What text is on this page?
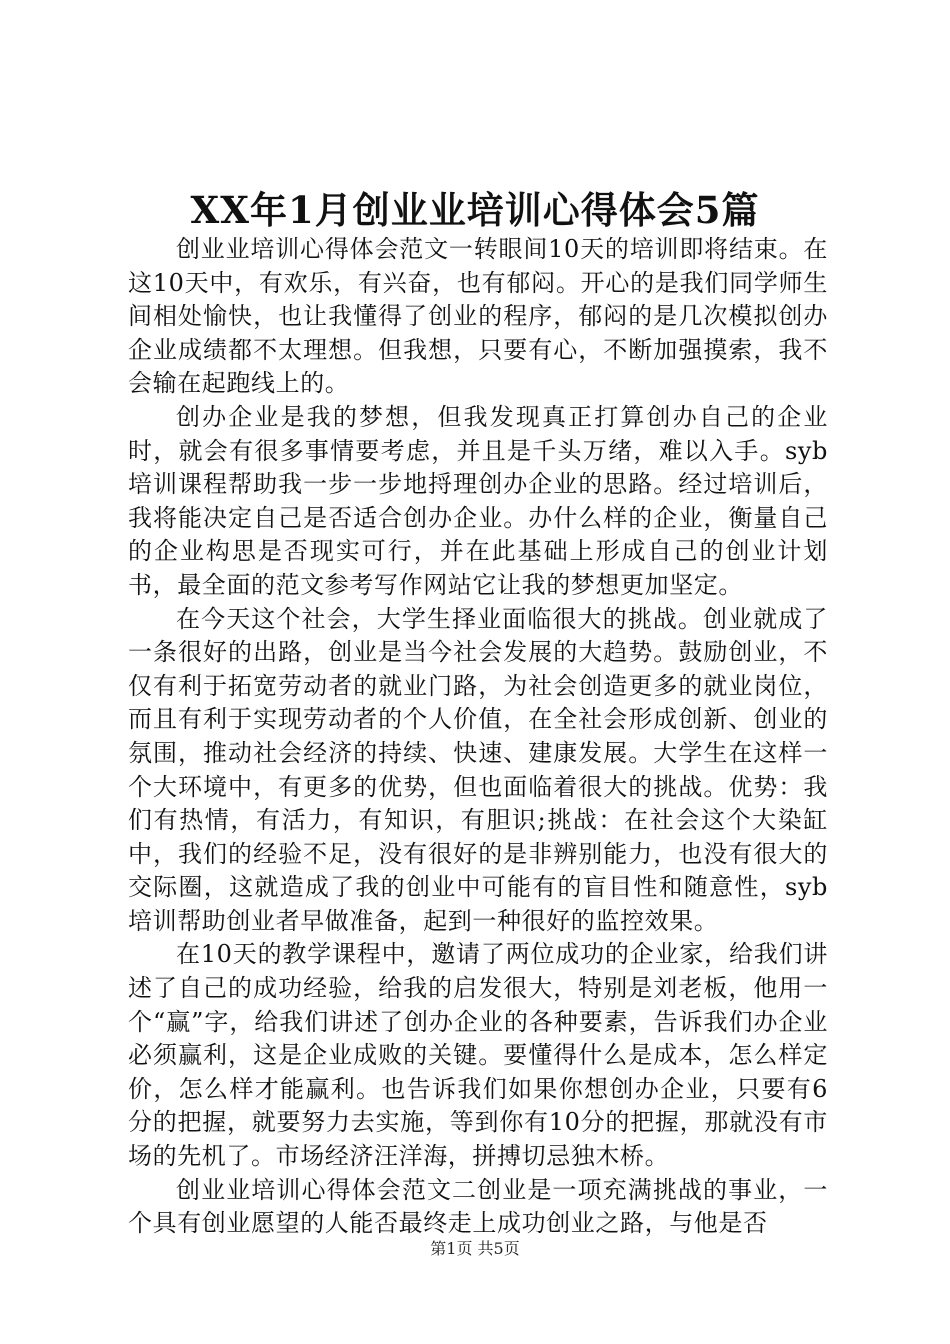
XX年1月创业业培训心得体会5篇

创业业培训心得体会范文一转眼间10天的培训即将结束。在这10天中，有欢乐，有兴奋，也有郁闷。开心的是我们同学师生间相处愉快，也让我懂得了创业的程序，郁闷的是几次模拟创办企业成绩都不太理想。但我想，只要有心，不断加强摸索，我不会输在起跑线上的。

创办企业是我的梦想，但我发现真正打算创办自己的企业时，就会有很多事情要考虑，并且是千头万绪，难以入手。syb培训课程帮助我一步一步地捋理创办企业的思路。经过培训后，我将能决定自己是否适合创办企业。办什么样的企业，衡量自己的企业构思是否现实可行，并在此基础上形成自己的创业计划书，最全面的范文参考写作网站它让我的梦想更加坚定。

在今天这个社会，大学生择业面临很大的挑战。创业就成了一条很好的出路，创业是当今社会发展的大趋势。鼓励创业，不仅有利于拓宽劳动者的就业门路，为社会创造更多的就业岗位，而且有利于实现劳动者的个人价值，在全社会形成创新、创业的氛围，推动社会经济的持续、快速、建康发展。大学生在这样一个大环境中，有更多的优势，但也面临着很大的挑战。优势：我们有热情，有活力，有知识，有胆识;挑战：在社会这个大染缸中，我们的经验不足，没有很好的是非辨别能力，也没有很大的交际圈，这就造成了我的创业中可能有的盲目性和随意性，syb培训帮助创业者早做准备，起到一种很好的监控效果。

在10天的教学课程中，邀请了两位成功的企业家，给我们讲述了自己的成功经验，给我的启发很大，特别是刘老板，他用一个“赢”字，给我们讲述了创办企业的各种要素，告诉我们办企业必须赢利，这是企业成败的关键。要懂得什么是成本，怎么样定价，怎么样才能赢利。也告诉我们如果你想创办企业，只要有6分的把握，就要努力去实施，等到你有10分的把握，那就没有市场的先机了。市场经济汪洋海，拼搏切忌独木桥。

创业业培训心得体会范文二创业是一项充满挑战的事业，一个具有创业愿望的人能否最终走上成功创业之路，与他是否

第1页 共5页
